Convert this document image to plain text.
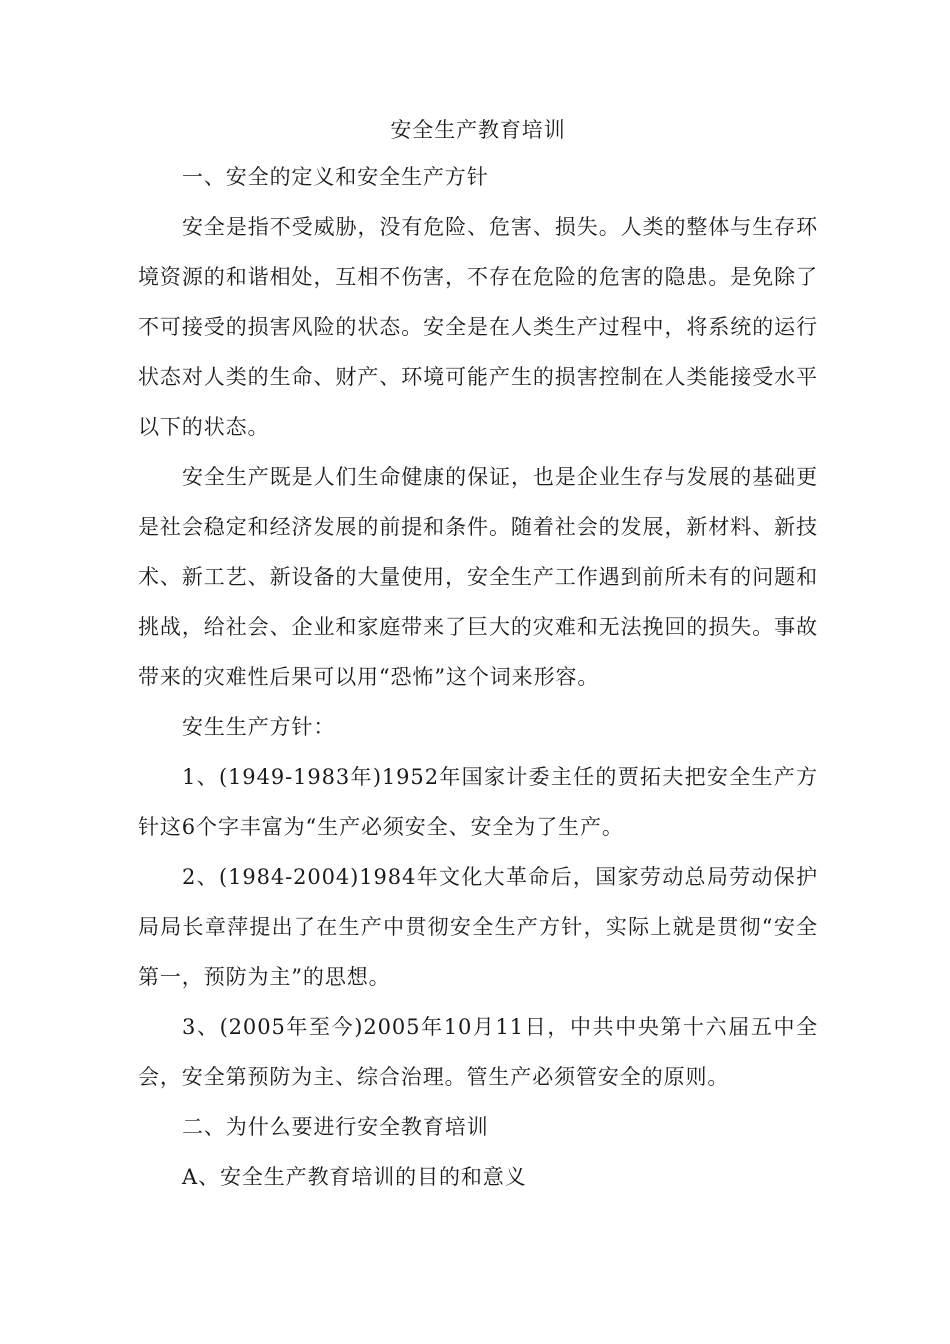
安全生产教育培训

一、安全的定义和安全生产方针

安全是指不受威胁，没有危险、危害、损失。人类的整体与生存环境资源的和谐相处，互相不伤害，不存在危险的危害的隐患。是免除了不可接受的损害风险的状态。安全是在人类生产过程中，将系统的运行状态对人类的生命、财产、环境可能产生的损害控制在人类能接受水平以下的状态。

安全生产既是人们生命健康的保证，也是企业生存与发展的基础更是社会稳定和经济发展的前提和条件。随着社会的发展，新材料、新技术、新工艺、新设备的大量使用，安全生产工作遇到前所未有的问题和挑战，给社会、企业和家庭带来了巨大的灾难和无法挽回的损失。事故带来的灾难性后果可以用“恐怖”这个词来形容。

安生生产方针：

1、(1949-1983年)1952年国家计委主任的贾拓夫把安全生产方针这6个字丰富为“生产必须安全、安全为了生产。

2、(1984-2004)1984年文化大革命后，国家劳动总局劳动保护局局长章萍提出了在生产中贯彻安全生产方针，实际上就是贯彻“安全第一，预防为主”的思想。

3、(2005年至今)2005年10月11日，中共中央第十六届五中全会，安全第预防为主、综合治理。管生产必须管安全的原则。

二、为什么要进行安全教育培训

A、安全生产教育培训的目的和意义
